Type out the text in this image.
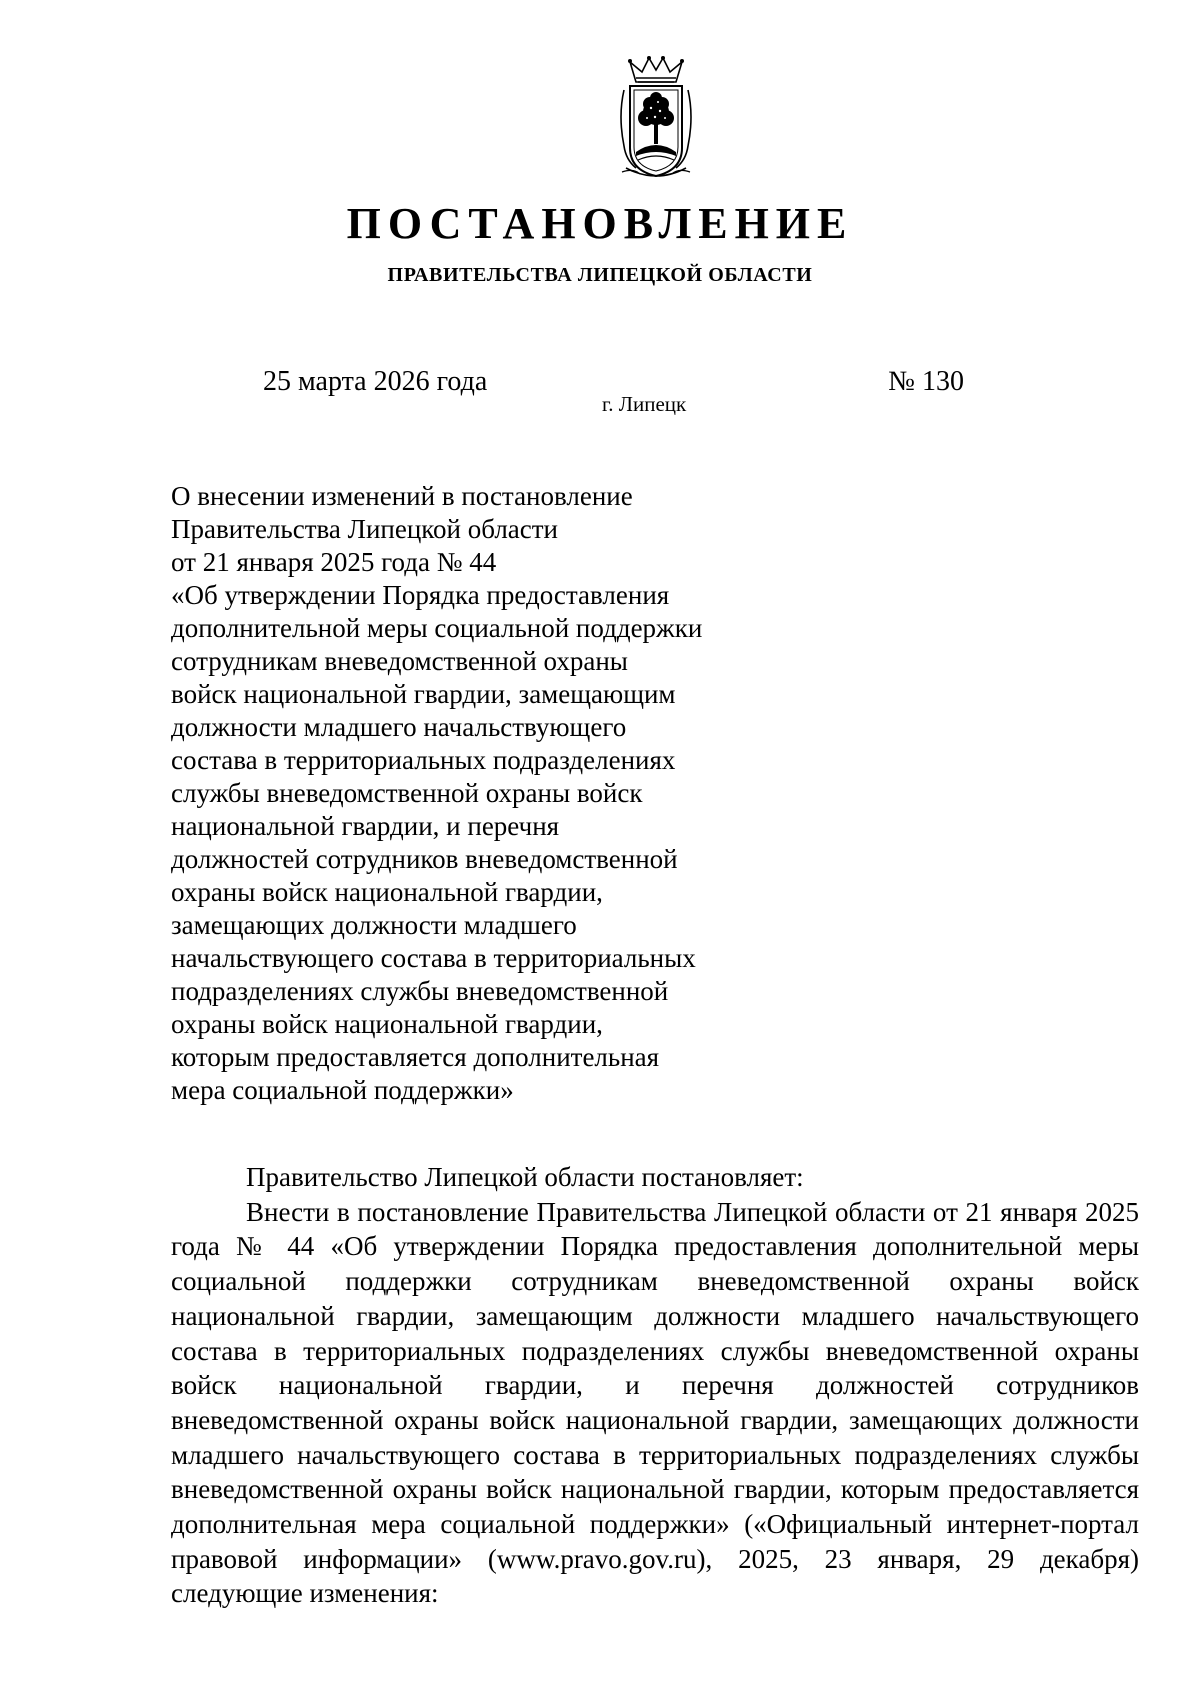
ПОСТАНОВЛЕНИЕ
ПРАВИТЕЛЬСТВА ЛИПЕЦКОЙ ОБЛАСТИ
25 марта 2026 года
г. Липецк
№ 130
О внесении изменений в постановление
Правительства Липецкой области
от 21 января 2025 года № 44
«Об утверждении Порядка предоставления
дополнительной меры социальной поддержки
сотрудникам вневедомственной охраны
войск национальной гвардии, замещающим
должности младшего начальствующего
состава в территориальных подразделениях
службы вневедомственной охраны войск
национальной гвардии, и перечня
должностей сотрудников вневедомственной
охраны войск национальной гвардии,
замещающих должности младшего
начальствующего состава в территориальных
подразделениях службы вневедомственной
охраны войск национальной гвардии,
которым предоставляется дополнительная
мера социальной поддержки»

Правительство Липецкой области постановляет:

Внести в постановление Правительства Липецкой области от 21 января 2025 года № 44 «Об утверждении Порядка предоставления дополнительной меры социальной поддержки сотрудникам вневедомственной охраны войск национальной гвардии, замещающим должности младшего начальствующего состава в территориальных подразделениях службы вневедомственной охраны войск национальной гвардии, и перечня должностей сотрудников вневедомственной охраны войск национальной гвардии, замещающих должности младшего начальствующего состава в территориальных подразделениях службы вневедомственной охраны войск национальной гвардии, которым предоставляется дополнительная мера социальной поддержки» («Официальный интернет-портал правовой информации» (www.pravo.gov.ru), 2025, 23 января, 29 декабря) следующие изменения:
